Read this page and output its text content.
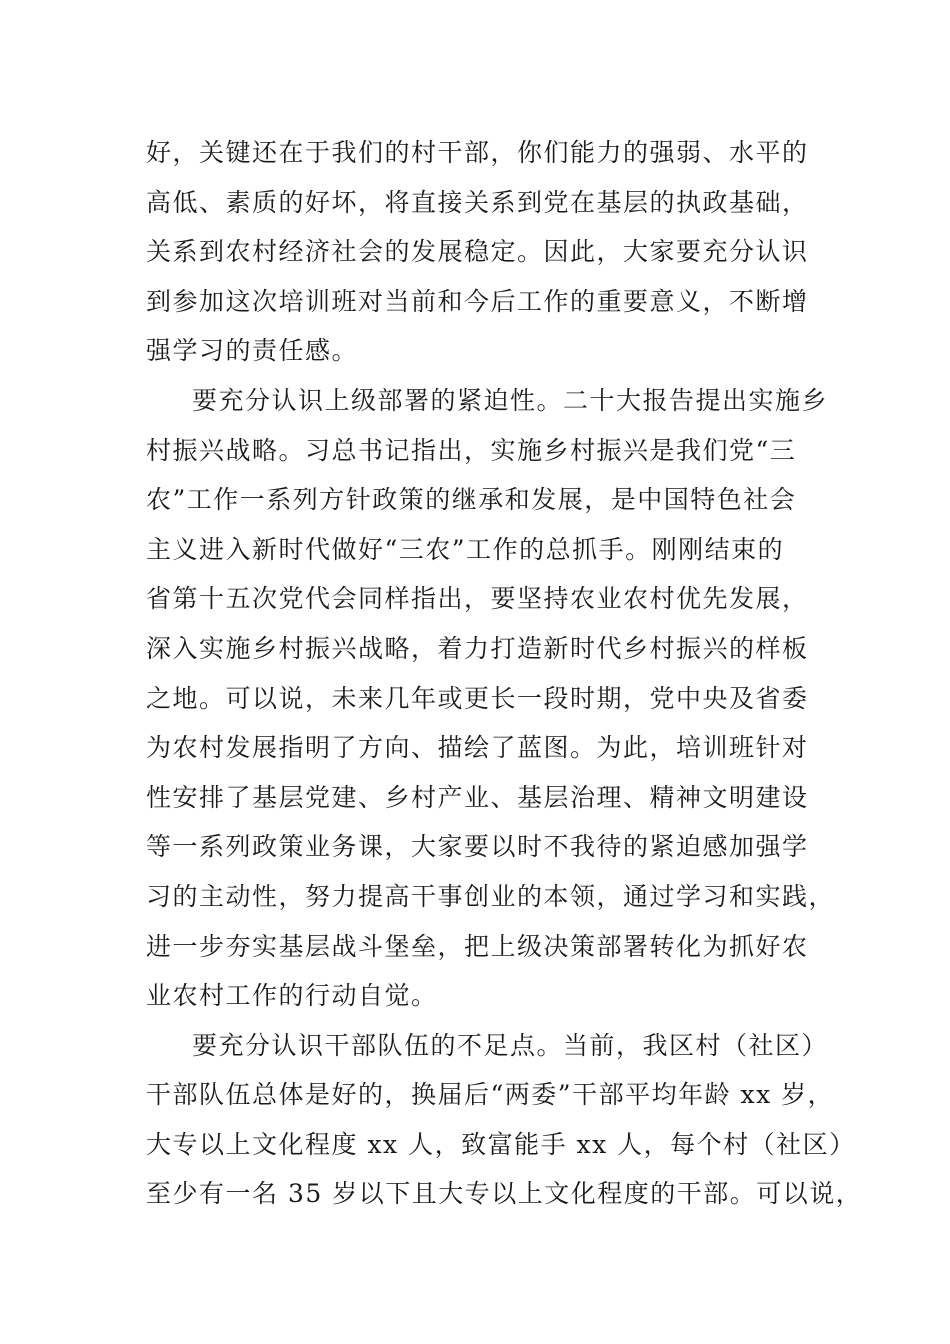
好，关键还在于我们的村干部，你们能力的强弱、水平的
高低、素质的好坏，将直接关系到党在基层的执政基础，
关系到农村经济社会的发展稳定。因此，大家要充分认识
到参加这次培训班对当前和今后工作的重要意义，不断增
强学习的责任感。
要充分认识上级部署的紧迫性。二十大报告提出实施乡
村振兴战略。习总书记指出，实施乡村振兴是我们党“三
农”工作一系列方针政策的继承和发展，是中国特色社会
主义进入新时代做好“三农”工作的总抓手。刚刚结束的
省第十五次党代会同样指出，要坚持农业农村优先发展，
深入实施乡村振兴战略，着力打造新时代乡村振兴的样板
之地。可以说，未来几年或更长一段时期，党中央及省委
为农村发展指明了方向、描绘了蓝图。为此，培训班针对
性安排了基层党建、乡村产业、基层治理、精神文明建设
等一系列政策业务课，大家要以时不我待的紧迫感加强学
习的主动性，努力提高干事创业的本领，通过学习和实践，
进一步夯实基层战斗堡垒，把上级决策部署转化为抓好农
业农村工作的行动自觉。
要充分认识干部队伍的不足点。当前，我区村（社区）
干部队伍总体是好的，换届后“两委”干部平均年龄 xx 岁，
大专以上文化程度 xx 人，致富能手 xx 人，每个村（社区）
至少有一名 35 岁以下且大专以上文化程度的干部。可以说，
